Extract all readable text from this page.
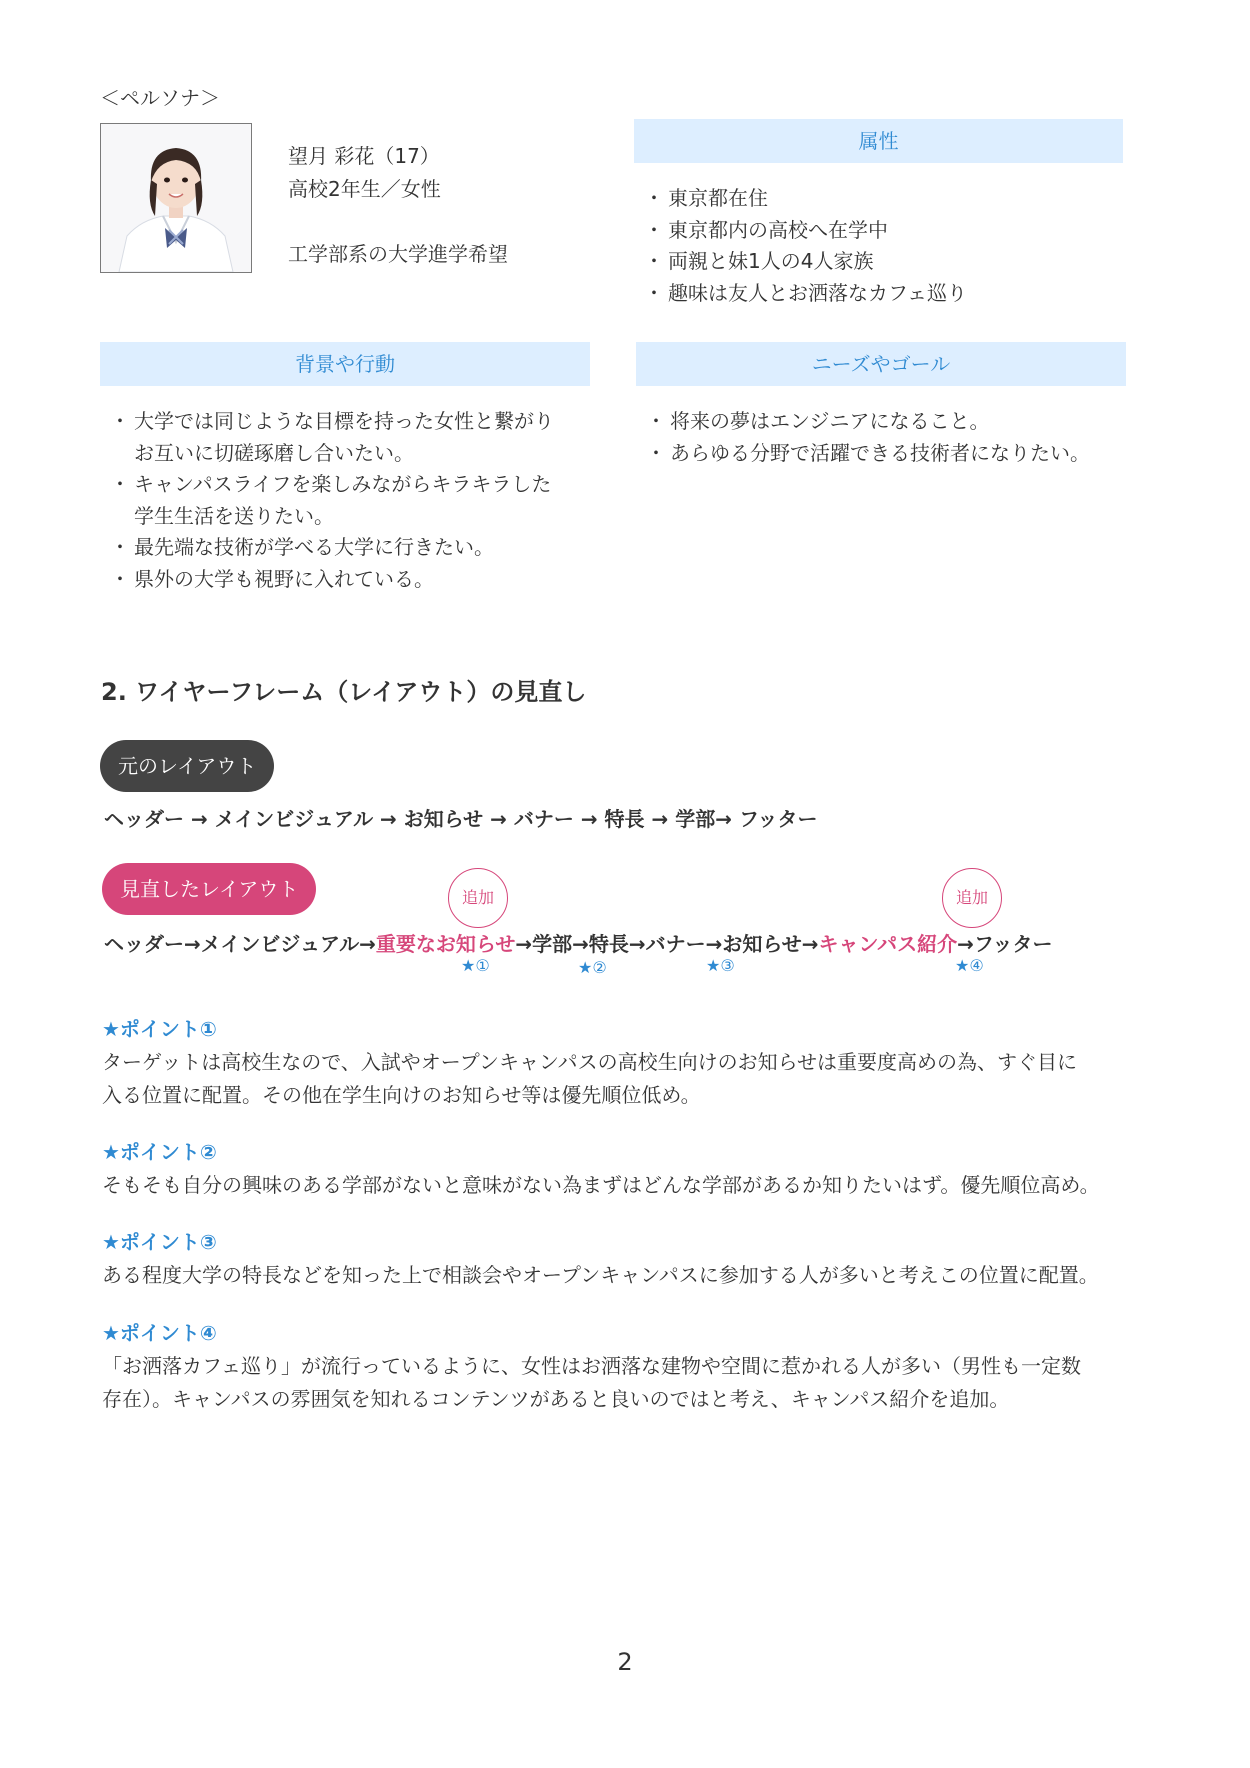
＜ペルソナ＞
望月 彩花（17）
高校2年生／女性
工学部系の大学進学希望
属性
・ 東京都在住
・ 東京都内の高校へ在学中
・ 両親と妹1人の4人家族
・ 趣味は友人とお洒落なカフェ巡り
背景や行動
・ 大学では同じような目標を持った女性と繋がり
お互いに切磋琢磨し合いたい。
・ キャンパスライフを楽しみながらキラキラした
学生生活を送りたい。
・ 最先端な技術が学べる大学に行きたい。
・ 県外の大学も視野に入れている。
ニーズやゴール
・ 将来の夢はエンジニアになること。
・ あらゆる分野で活躍できる技術者になりたい。
2. ワイヤーフレーム（レイアウト）の見直し
元のレイアウト
ヘッダー → メインビジュアル → お知らせ → バナー → 特長 → 学部→ フッター
見直したレイアウト	追加	追加
ヘッダー→メインビジュアル→重要なお知らせ→学部→特長→バナー→お知らせ→キャンパス紹介→フッター
★①	★②	★③	★④
★ポイント①
ターゲットは高校生なので、入試やオープンキャンパスの高校生向けのお知らせは重要度高めの為、すぐ目に
入る位置に配置。その他在学生向けのお知らせ等は優先順位低め。
★ポイント②
そもそも自分の興味のある学部がないと意味がない為まずはどんな学部があるか知りたいはず。優先順位高め。
★ポイント③
ある程度大学の特長などを知った上で相談会やオープンキャンパスに参加する人が多いと考えこの位置に配置。
★ポイント④
「お洒落カフェ巡り」が流行っているように、女性はお洒落な建物や空間に惹かれる人が多い（男性も一定数
存在）。キャンパスの雰囲気を知れるコンテンツがあると良いのではと考え、キャンパス紹介を追加。
2
